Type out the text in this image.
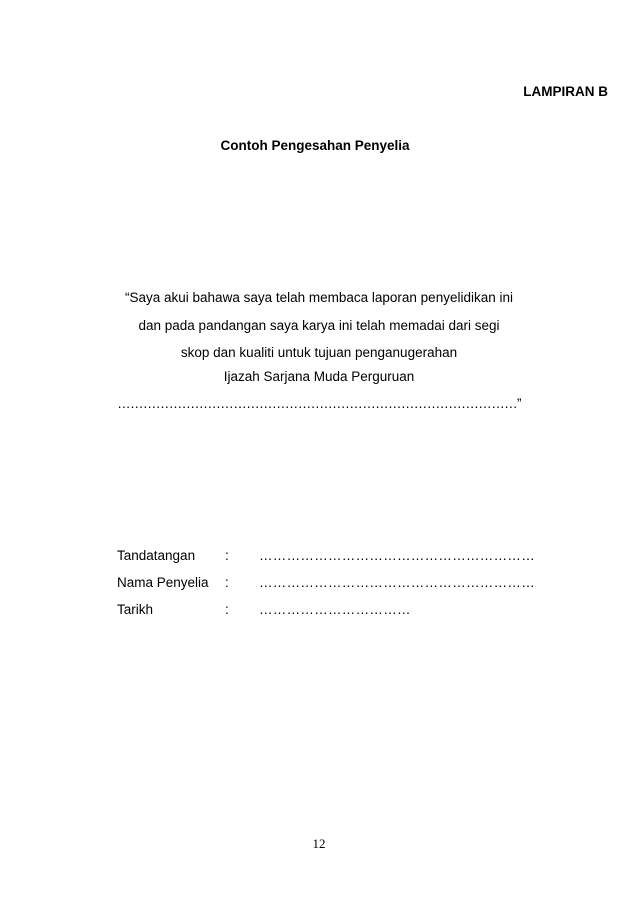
LAMPIRAN B
Contoh Pengesahan Penyelia
“Saya akui bahawa saya telah membaca laporan penyelidikan ini
dan pada pandangan saya karya ini telah memadai dari segi
skop dan kualiti untuk tujuan penganugerahan
Ijazah Sarjana Muda Perguruan
…………………………………………………………………………………”
Tandatangan : ……………………………………………………
Nama Penyelia : ……………………………………………………
Tarikh	: ……………………………
12
